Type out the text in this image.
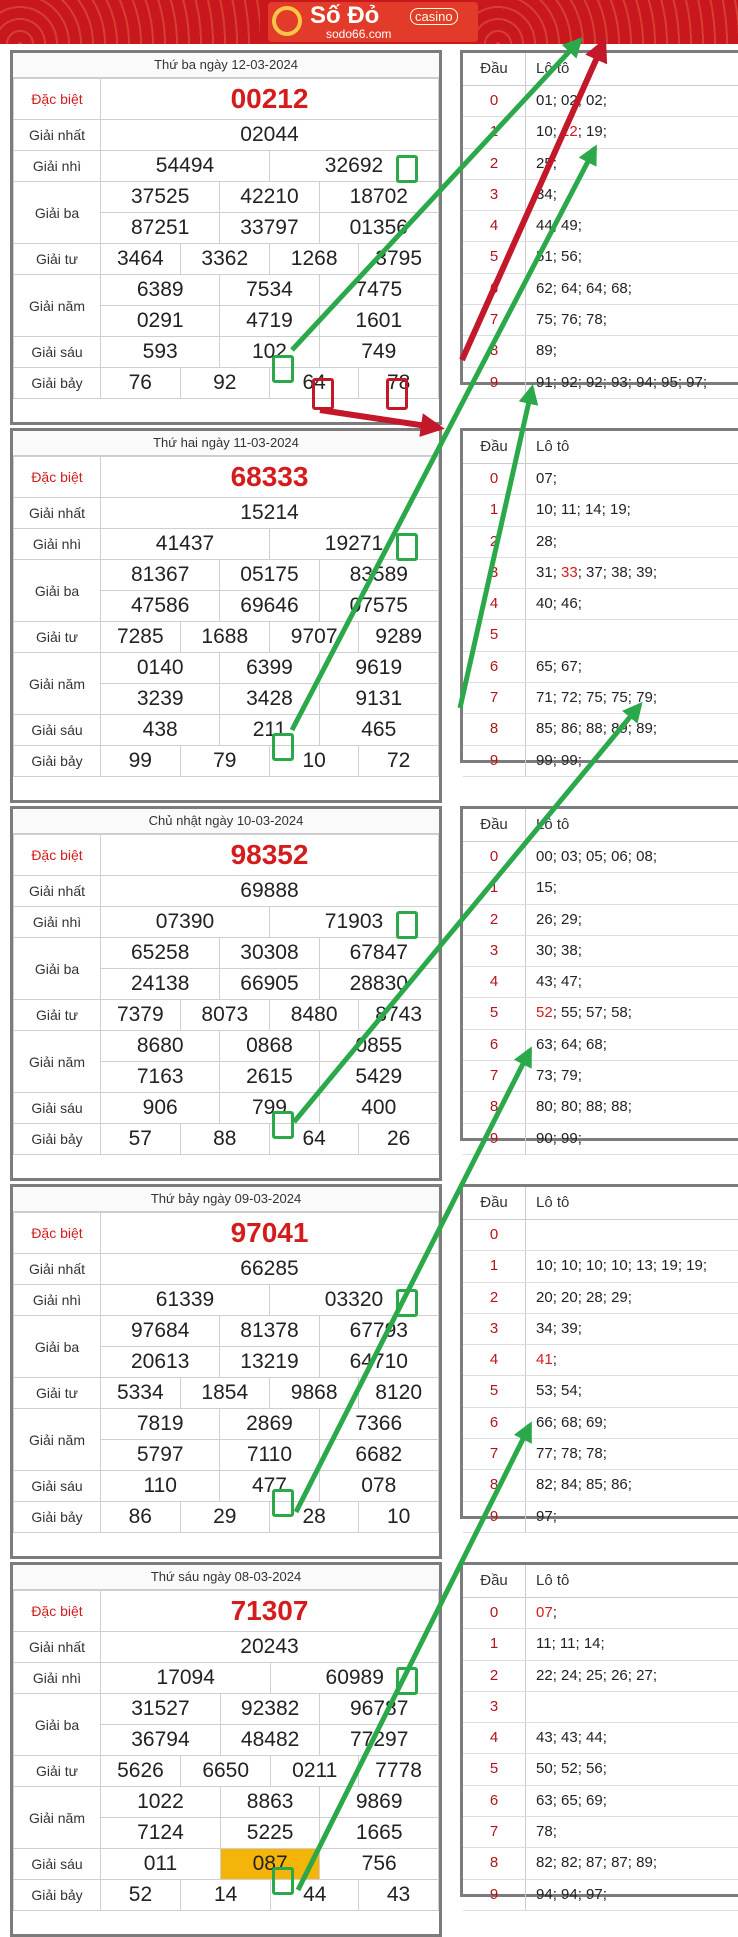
Số Đỏ	casino
sodo66.com
Thứ ba ngày 12-03-2024
Đặc biệt	00212					
Giải nhất	02044					
Giải nhì	54494			32692		
Giải ba	37525		42210		18702	
	87251		33797		01356	
Giải tư	3464	3362		1268		3795
Giải năm	6389		7534		7475	
	0291		4719		1601	
Giải sáu	593		102		749	
Giải bảy	76	92		64		78
Đầu	Lô tô
0	01; 02; 02;
1	10; 12; 19;
2	25;
3	34;
4	44; 49;
5	51; 56;
6	62; 64; 64; 68;
7	75; 76; 78;
8	89;
9	91; 92; 92; 93; 94; 95; 97;
Thứ hai ngày 11-03-2024
Đặc biệt	68333					
Giải nhất	15214					
Giải nhì	41437			19271		
Giải ba	81367		05175		83589	
	47586		69646		07575	
Giải tư	7285	1688		9707		9289
Giải năm	0140		6399		9619	
	3239		3428		9131	
Giải sáu	438		211		465	
Giải bảy	99	79		10		72
Đầu	Lô tô
0	07;
1	10; 11; 14; 19;
2	28;
3	31; 33; 37; 38; 39;
4	40; 46;
5
6	65; 67;
7	71; 72; 75; 75; 79;
8	85; 86; 88; 89; 89;
9	99; 99;
Chủ nhật ngày 10-03-2024
Đặc biệt	98352					
Giải nhất	69888					
Giải nhì	07390			71903		
Giải ba	65258		30308		67847	
	24138		66905		28830	
Giải tư	7379	8073		8480		8743
Giải năm	8680		0868		0855	
	7163		2615		5429	
Giải sáu	906		799		400	
Giải bảy	57	88		64		26
Đầu	Lô tô
0	00; 03; 05; 06; 08;
1	15;
2	26; 29;
3	30; 38;
4	43; 47;
5	52; 55; 57; 58;
6	63; 64; 68;
7	73; 79;
8	80; 80; 88; 88;
9	90; 99;
Thứ bảy ngày 09-03-2024
Đặc biệt	97041					
Giải nhất	66285					
Giải nhì	61339			03320		
Giải ba	97684		81378		67793	
	20613		13219		64710	
Giải tư	5334	1854		9868		8120
Giải năm	7819		2869		7366	
	5797		7110		6682	
Giải sáu	110		477		078	
Giải bảy	86	29		28		10
Đầu	Lô tô
0
1	10; 10; 10; 10; 13; 19; 19;
2	20; 20; 28; 29;
3	34; 39;
4	41;
5	53; 54;
6	66; 68; 69;
7	77; 78; 78;
8	82; 84; 85; 86;
9	97;
Thứ sáu ngày 08-03-2024
Đặc biệt	71307					
Giải nhất	20243					
Giải nhì	17094			60989		
Giải ba	31527		92382		96787	
	36794		48482		77297	
Giải tư	5626	6650		0211		7778
Giải năm	1022		8863		9869	
	7124		5225		1665	
Giải sáu	011		087		756	
Giải bảy	52	14		44		43
Đầu	Lô tô
0	07;
1	11; 11; 14;
2	22; 24; 25; 26; 27;
3
4	43; 43; 44;
5	50; 52; 56;
6	63; 65; 69;
7	78;
8	82; 82; 87; 87; 89;
9	94; 94; 97;
